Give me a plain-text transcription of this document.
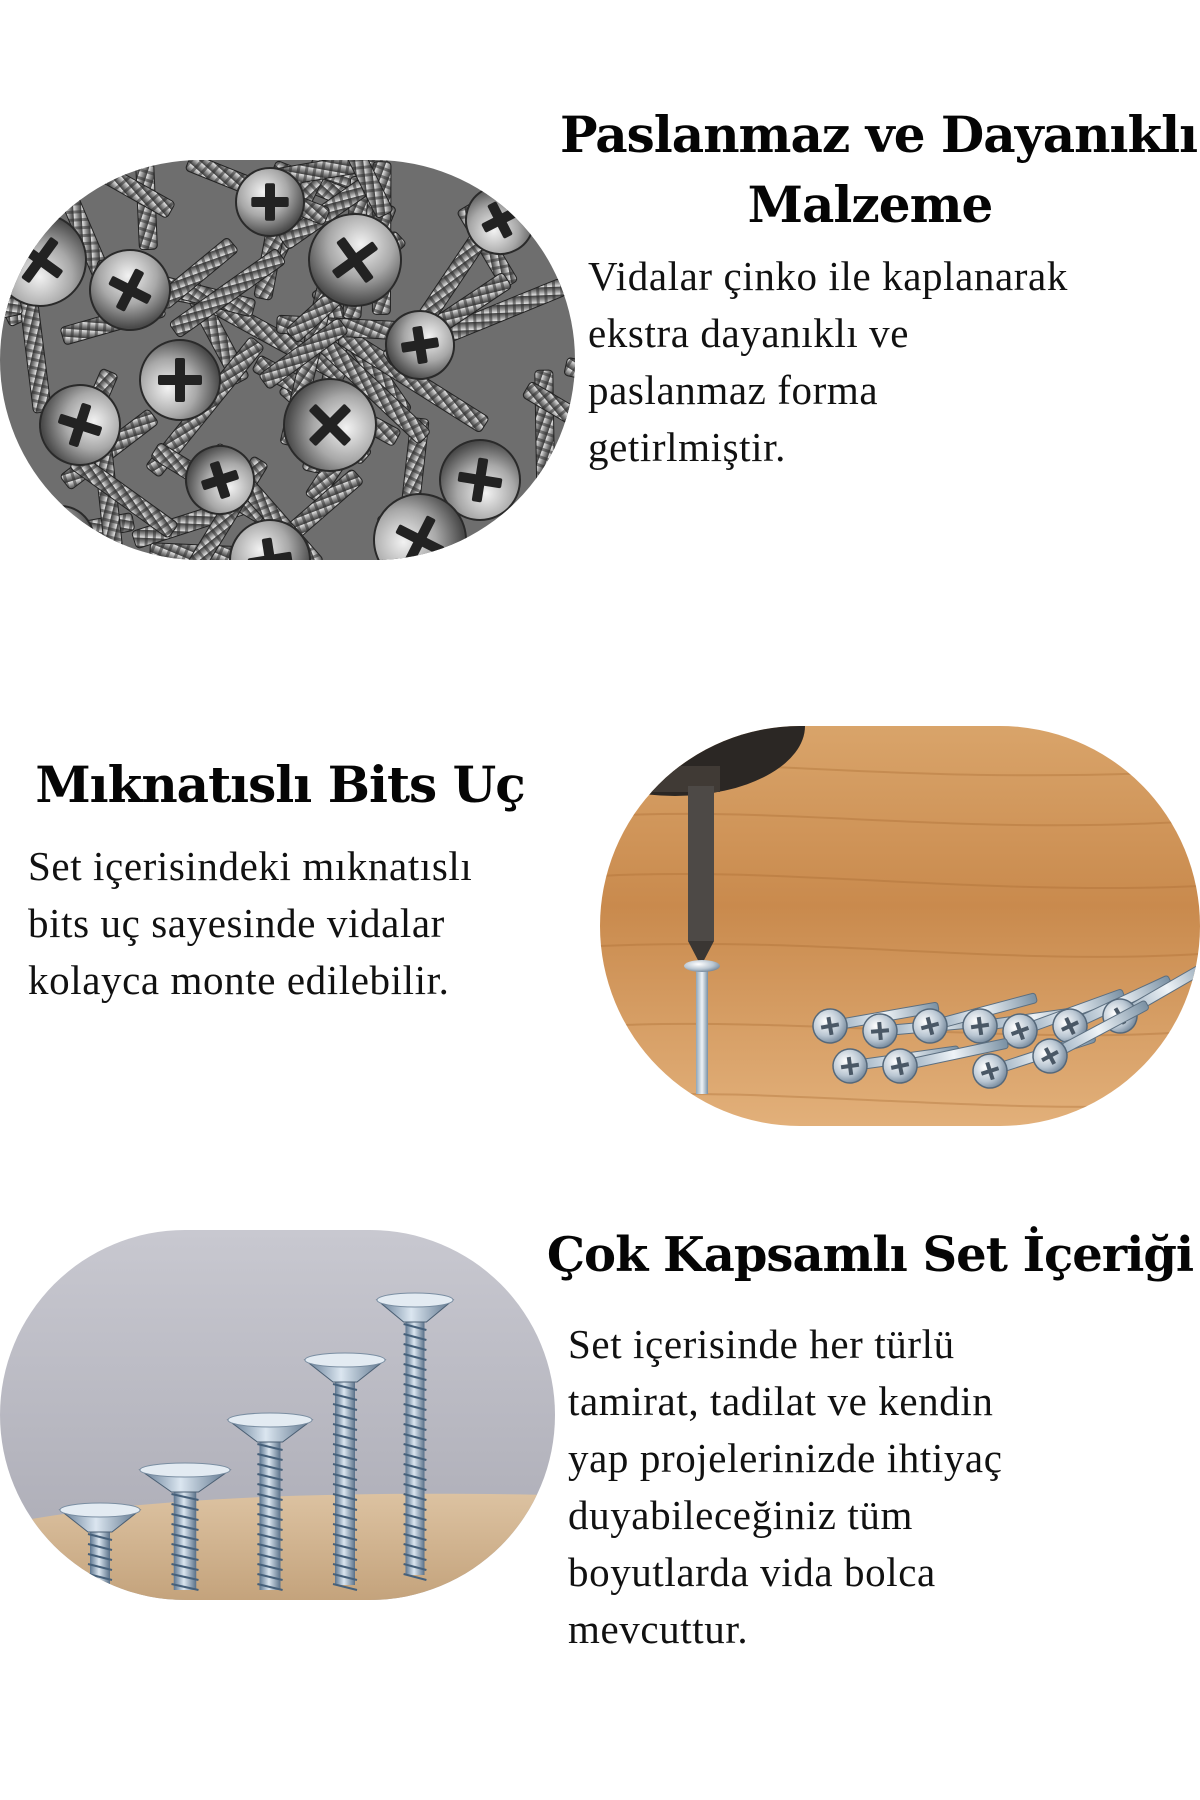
Paslanmaz ve Dayanıklı
Malzeme

Vidalar çinko ile kaplanarak
ekstra dayanıklı ve
paslanmaz forma
getirlmiştir.

Mıknatıslı Bits Uç

Set içerisindeki mıknatıslı
bits uç sayesinde vidalar
kolayca monte edilebilir.

Çok Kapsamlı Set İçeriği

Set içerisinde her türlü
tamirat, tadilat ve kendin
yap projelerinizde ihtiyaç
duyabileceğiniz tüm
boyutlarda vida bolca
mevcuttur.
